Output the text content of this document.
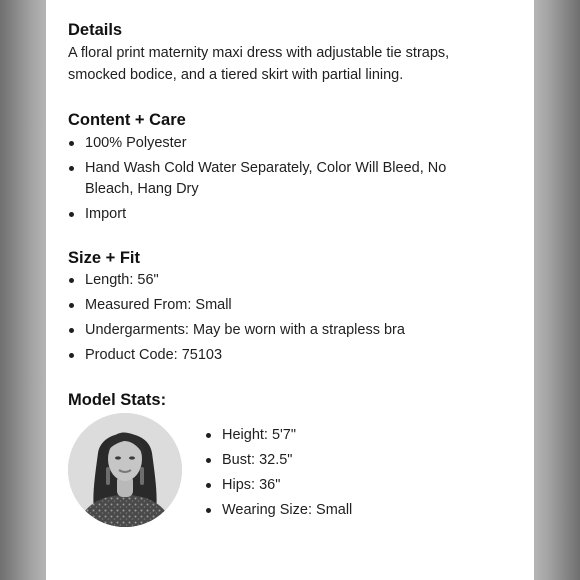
Details

A floral print maternity maxi dress with adjustable tie straps, smocked bodice, and a tiered skirt with partial lining.

Content + Care
100% Polyester
Hand Wash Cold Water Separately, Color Will Bleed, No Bleach, Hang Dry
Import
Size + Fit
Length: 56"
Measured From: Small
Undergarments: May be worn with a strapless bra
Product Code: 75103
Model Stats:
Height: 5'7"
Bust: 32.5"
Hips: 36"
Wearing Size: Small
